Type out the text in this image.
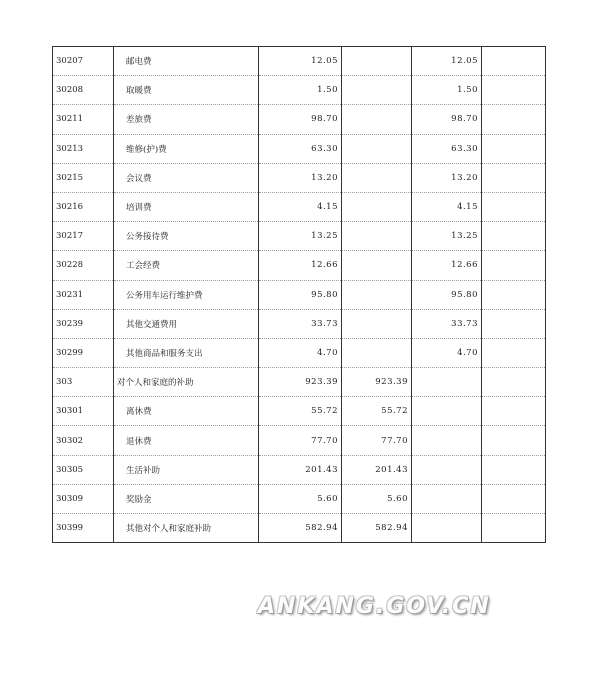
30207	邮电费	12.05		12.05	
30208	取暖费	1.50		1.50	
30211	差旅费	98.70		98.70	
30213	维修(护)费	63.30		63.30	
30215	会议费	13.20		13.20	
30216	培训费	4.15		4.15	
30217	公务接待费	13.25		13.25	
30228	工会经费	12.66		12.66	
30231	公务用车运行维护费	95.80		95.80	
30239	其他交通费用	33.73		33.73	
30299	其他商品和服务支出	4.70		4.70	
303	对个人和家庭的补助	923.39	923.39		
30301	离休费	55.72	55.72		
30302	退休费	77.70	77.70		
30305	生活补助	201.43	201.43		
30309	奖励金	5.60	5.60		
30399	其他对个人和家庭补助	582.94	582.94		
ANKANG.GOV.CN
